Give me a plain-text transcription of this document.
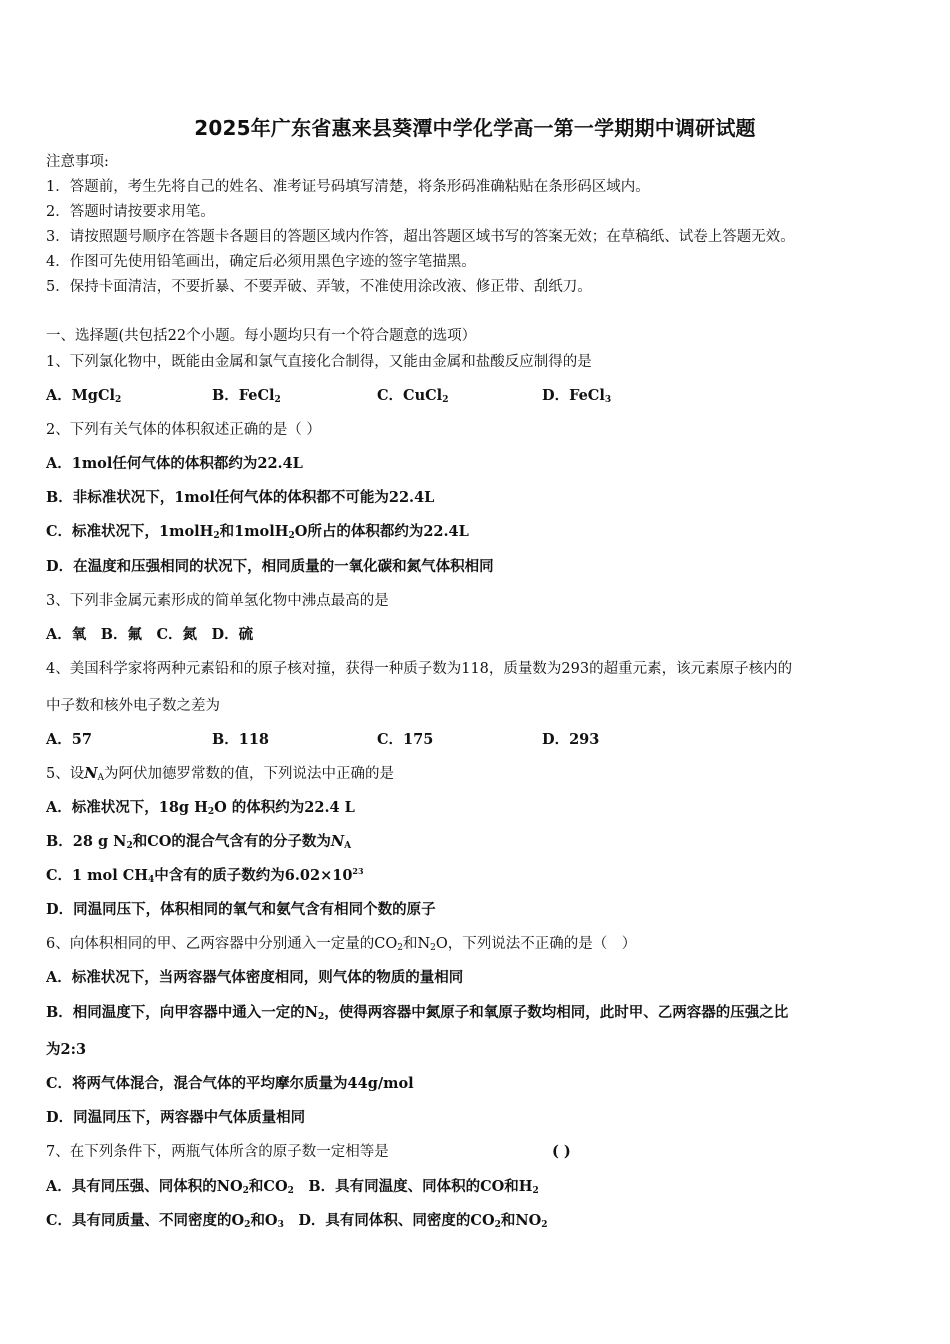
2025年广东省惠来县葵潭中学化学高一第一学期期中调研试题
注意事项:
1．答题前，考生先将自己的姓名、准考证号码填写清楚，将条形码准确粘贴在条形码区域内。
2．答题时请按要求用笔。
3．请按照题号顺序在答题卡各题目的答题区域内作答，超出答题区域书写的答案无效；在草稿纸、试卷上答题无效。
4．作图可先使用铅笔画出，确定后必须用黑色字迹的签字笔描黑。
5．保持卡面清洁，不要折暴、不要弄破、弄皱，不准使用涂改液、修正带、刮纸刀。
一、选择题(共包括22个小题。每小题均只有一个符合题意的选项）
1、下列氯化物中，既能由金属和氯气直接化合制得，又能由金属和盐酸反应制得的是
A．MgCl$_2$	B．FeCl$_2$	C．CuCl$_2$	D．FeCl$_3$
2、下列有关气体的体积叙述正确的是（ ）
A．1mol任何气体的体积都约为22.4L
B．非标准状况下，1mol任何气体的体积都不可能为22.4L
C．标准状况下，1molH$_2$和1molH$_2$O所占的体积都约为22.4L
D．在温度和压强相同的状况下，相同质量的一氧化碳和氮气体积相同
3、下列非金属元素形成的简单氢化物中沸点最高的是
A．氧　B．氟　C．氮　D．硫
4、美国科学家将两种元素铅和的原子核对撞，获得一种质子数为118，质量数为293的超重元素，该元素原子核内的
中子数和核外电子数之差为
A．57	B．118	C．175	D．293
5、设$N_A$为阿伏加德罗常数的值，下列说法中正确的是
A．标准状况下，18g $H_2O$ 的体积约为22.4 L
B．28 g $N_2$和CO的混合气含有的分子数为$N_A$
C．1 mol $CH_4$中含有的质子数约为$6.02\times 10^{23}$
D．同温同压下，体积相同的氧气和氨气含有相同个数的原子
6、向体积相同的甲、乙两容器中分别通入一定量的$CO_2$和$N_2O$，下列说法不正确的是（　）
A．标准状况下，当两容器气体密度相同，则气体的物质的量相同
B．相同温度下，向甲容器中通入一定的$N_2$，使得两容器中氮原子和氧原子数均相同，此时甲、乙两容器的压强之比
为2:3
C．将两气体混合，混合气体的平均摩尔质量为44g/mol
D．同温同压下，两容器中气体质量相同
7、在下列条件下，两瓶气体所含的原子数一定相等是	( )
A．具有同压强、同体积的$NO_2$和$CO_2$　B．具有同温度、同体积的CO和$H_2$
C．具有同质量、不同密度的$O_2$和$O_3$　D．具有同体积、同密度的$CO_2$和$NO_2$
